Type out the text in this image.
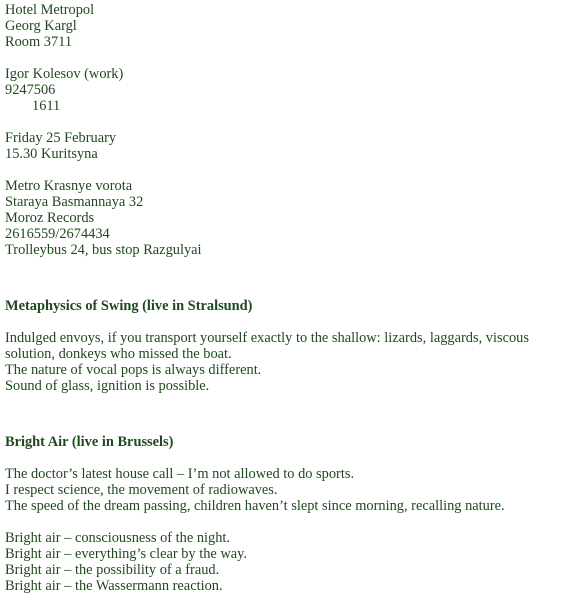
Hotel Metropol
Georg Kargl
Room 3711
Igor Kolesov (work)
9247506
1611
Friday 25 February
15.30 Kuritsyna
Metro Krasnye vorota
Staraya Basmannaya 32
Moroz Records
2616559/2674434
Trolleybus 24, bus stop Razgulyai
Metaphysics of Swing (live in Stralsund)
Indulged envoys, if you transport yourself exactly to the shallow: lizards, laggards, viscous solution, donkeys who missed the boat.
The nature of vocal pops is always different.
Sound of glass, ignition is possible.
Bright Air (live in Brussels)
The doctor’s latest house call – I’m not allowed to do sports.
I respect science, the movement of radiowaves.
The speed of the dream passing, children haven’t slept since morning, recalling nature.
Bright air – consciousness of the night.
Bright air – everything’s clear by the way.
Bright air – the possibility of a fraud.
Bright air – the Wassermann reaction.
